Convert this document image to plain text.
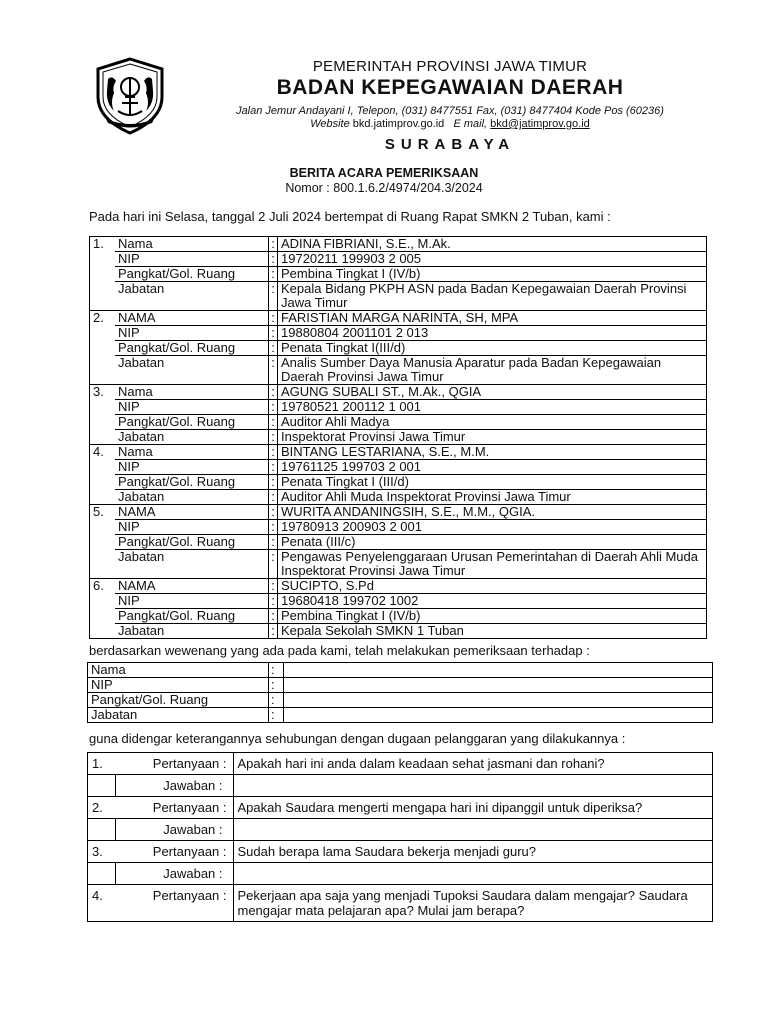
PEMERINTAH PROVINSI JAWA TIMUR
BADAN KEPEGAWAIAN DAERAH
Jalan Jemur Andayani I, Telepon, (031) 8477551 Fax, (031) 8477404 Kode Pos (60236)
Website bkd.jatimprov.go.id E mail, bkd@jatimprov.go.id
SURABAYA
BERITA ACARA PEMERIKSAAN
Nomor : 800.1.6.2/4974/204.3/2024
Pada hari ini Selasa, tanggal 2 Juli 2024 bertempat di Ruang Rapat SMKN 2 Tuban, kami :
1.	Nama	:	ADINA FIBRIANI, S.E., M.Ak.
	NIP	:	19720211 199903 2 005
	Pangkat/Gol. Ruang	:	Pembina Tingkat I (IV/b)
	Jabatan	:	Kepala Bidang PKPH ASN pada Badan Kepegawaian Daerah Provinsi Jawa Timur
2.	NAMA	:	FARISTIAN MARGA NARINTA, SH, MPA
	NIP	:	19880804 2001101 2 013
	Pangkat/Gol. Ruang	:	Penata Tingkat I(III/d)
	Jabatan	:	Analis Sumber Daya Manusia Aparatur pada Badan Kepegawaian Daerah Provinsi Jawa Timur
3.	Nama	:	AGUNG SUBALI ST., M.Ak., QGIA
	NIP	:	19780521 200112 1 001
	Pangkat/Gol. Ruang	:	Auditor Ahli Madya
	Jabatan	:	Inspektorat Provinsi Jawa Timur
4.	Nama	:	BINTANG LESTARIANA, S.E., M.M.
	NIP	:	19761125 199703 2 001
	Pangkat/Gol. Ruang	:	Penata Tingkat I (III/d)
	Jabatan	:	Auditor Ahli Muda Inspektorat Provinsi Jawa Timur
5.	NAMA	:	WURITA ANDANINGSIH, S.E., M.M., QGIA.
	NIP	:	19780913 200903 2 001
	Pangkat/Gol. Ruang	:	Penata (III/c)
	Jabatan	:	Pengawas Penyelenggaraan Urusan Pemerintahan di Daerah Ahli Muda Inspektorat Provinsi Jawa Timur
6.	NAMA	:	SUCIPTO, S.Pd
	NIP	:	19680418 199702 1002
	Pangkat/Gol. Ruang	:	Pembina Tingkat I (IV/b)
	Jabatan	:	Kepala Sekolah SMKN 1 Tuban
berdasarkan wewenang yang ada pada kami, telah melakukan pemeriksaan terhadap :
Nama	:	
NIP	:	
Pangkat/Gol. Ruang	:	
Jabatan	:	
guna didengar keterangannya sehubungan dengan dugaan pelanggaran yang dilakukannya :
1.	Pertanyaan :	Apakah hari ini anda dalam keadaan sehat jasmani dan rohani?
	Jawaban :	
2.	Pertanyaan :	Apakah Saudara mengerti mengapa hari ini dipanggil untuk diperiksa?
	Jawaban :	
3.	Pertanyaan :	Sudah berapa lama Saudara bekerja menjadi guru?
	Jawaban :	
4.	Pertanyaan :	Pekerjaan apa saja yang menjadi Tupoksi Saudara dalam mengajar? Saudara mengajar mata pelajaran apa? Mulai jam berapa?
